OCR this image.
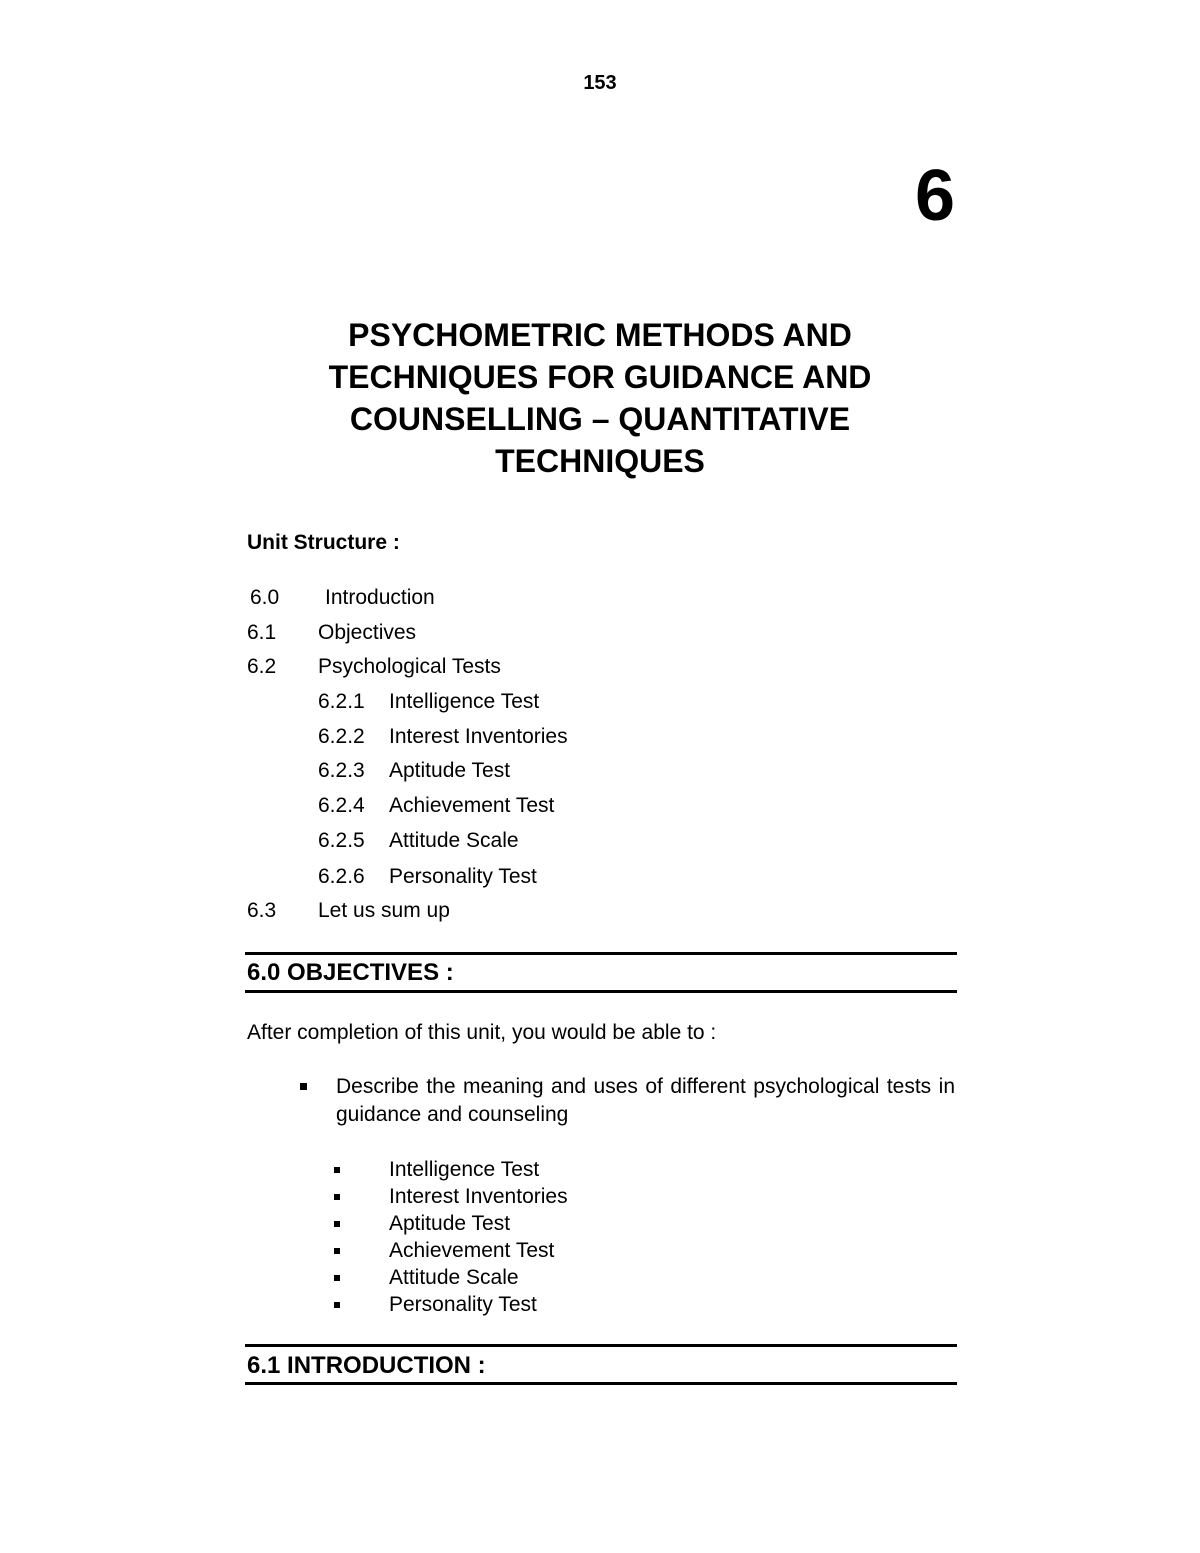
153
6
PSYCHOMETRIC METHODS AND
TECHNIQUES FOR GUIDANCE AND
COUNSELLING – QUANTITATIVE
TECHNIQUES
Unit Structure :
6.0 Introduction
6.1 Objectives
6.2 Psychological Tests
6.2.1 Intelligence Test
6.2.2 Interest Inventories
6.2.3 Aptitude Test
6.2.4 Achievement Test
6.2.5 Attitude Scale
6.2.6 Personality Test
6.3 Let us sum up
6.0 OBJECTIVES :
After completion of this unit, you would be able to :
Describe the meaning and uses of different psychological tests in guidance and counseling
Intelligence Test
Interest Inventories
Aptitude Test
Achievement Test
Attitude Scale
Personality Test
6.1 INTRODUCTION :
